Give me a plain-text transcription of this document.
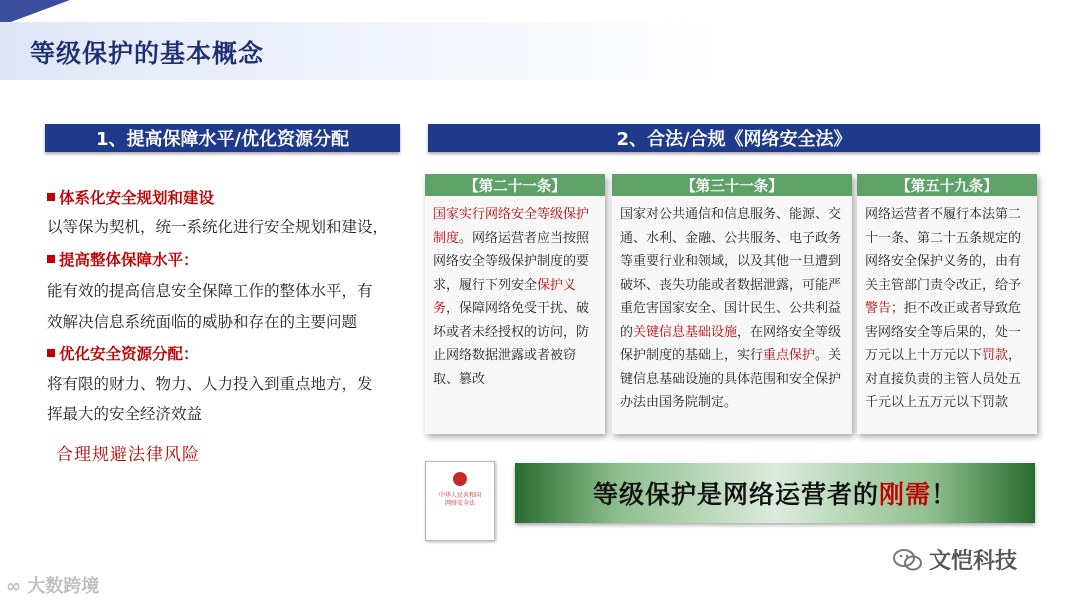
等级保护的基本概念
1、提高保障水平/优化资源分配	2、合法/合规《网络安全法》
体系化安全规划和建设
以等保为契机，统一系统化进行安全规划和建设，
提高整体保障水平：
能有效的提高信息安全保障工作的整体水平，有
效解决信息系统面临的威胁和存在的主要问题
优化安全资源分配：
将有限的财力、物力、人力投入到重点地方，发
挥最大的安全经济效益
合理规避法律风险
【第二十一条】
国家实行网络安全等级保护制度。网络运营者应当按照网络安全等级保护制度的要求，履行下列安全保护义务，保障网络免受干扰、破坏或者未经授权的访问，防止网络数据泄露或者被窃取、篡改
【第三十一条】
国家对公共通信和信息服务、能源、交通、水利、金融、公共服务、电子政务等重要行业和领域，以及其他一旦遭到破坏、丧失功能或者数据泄露，可能严重危害国家安全、国计民生、公共利益的关键信息基础设施，在网络安全等级保护制度的基础上，实行重点保护。关键信息基础设施的具体范围和安全保护办法由国务院制定。
【第五十九条】
网络运营者不履行本法第二十一条、第二十五条规定的网络安全保护义务的，由有关主管部门责令改正，给予警告；拒不改正或者导致危害网络安全等后果的，处一万元以上十万元以下罚款，对直接负责的主管人员处五千元以上五万元以下罚款
中华人民共和国
网络安全法	等级保护是网络运营者的 刚需 ！
∞ 大数跨境
文恺科技
